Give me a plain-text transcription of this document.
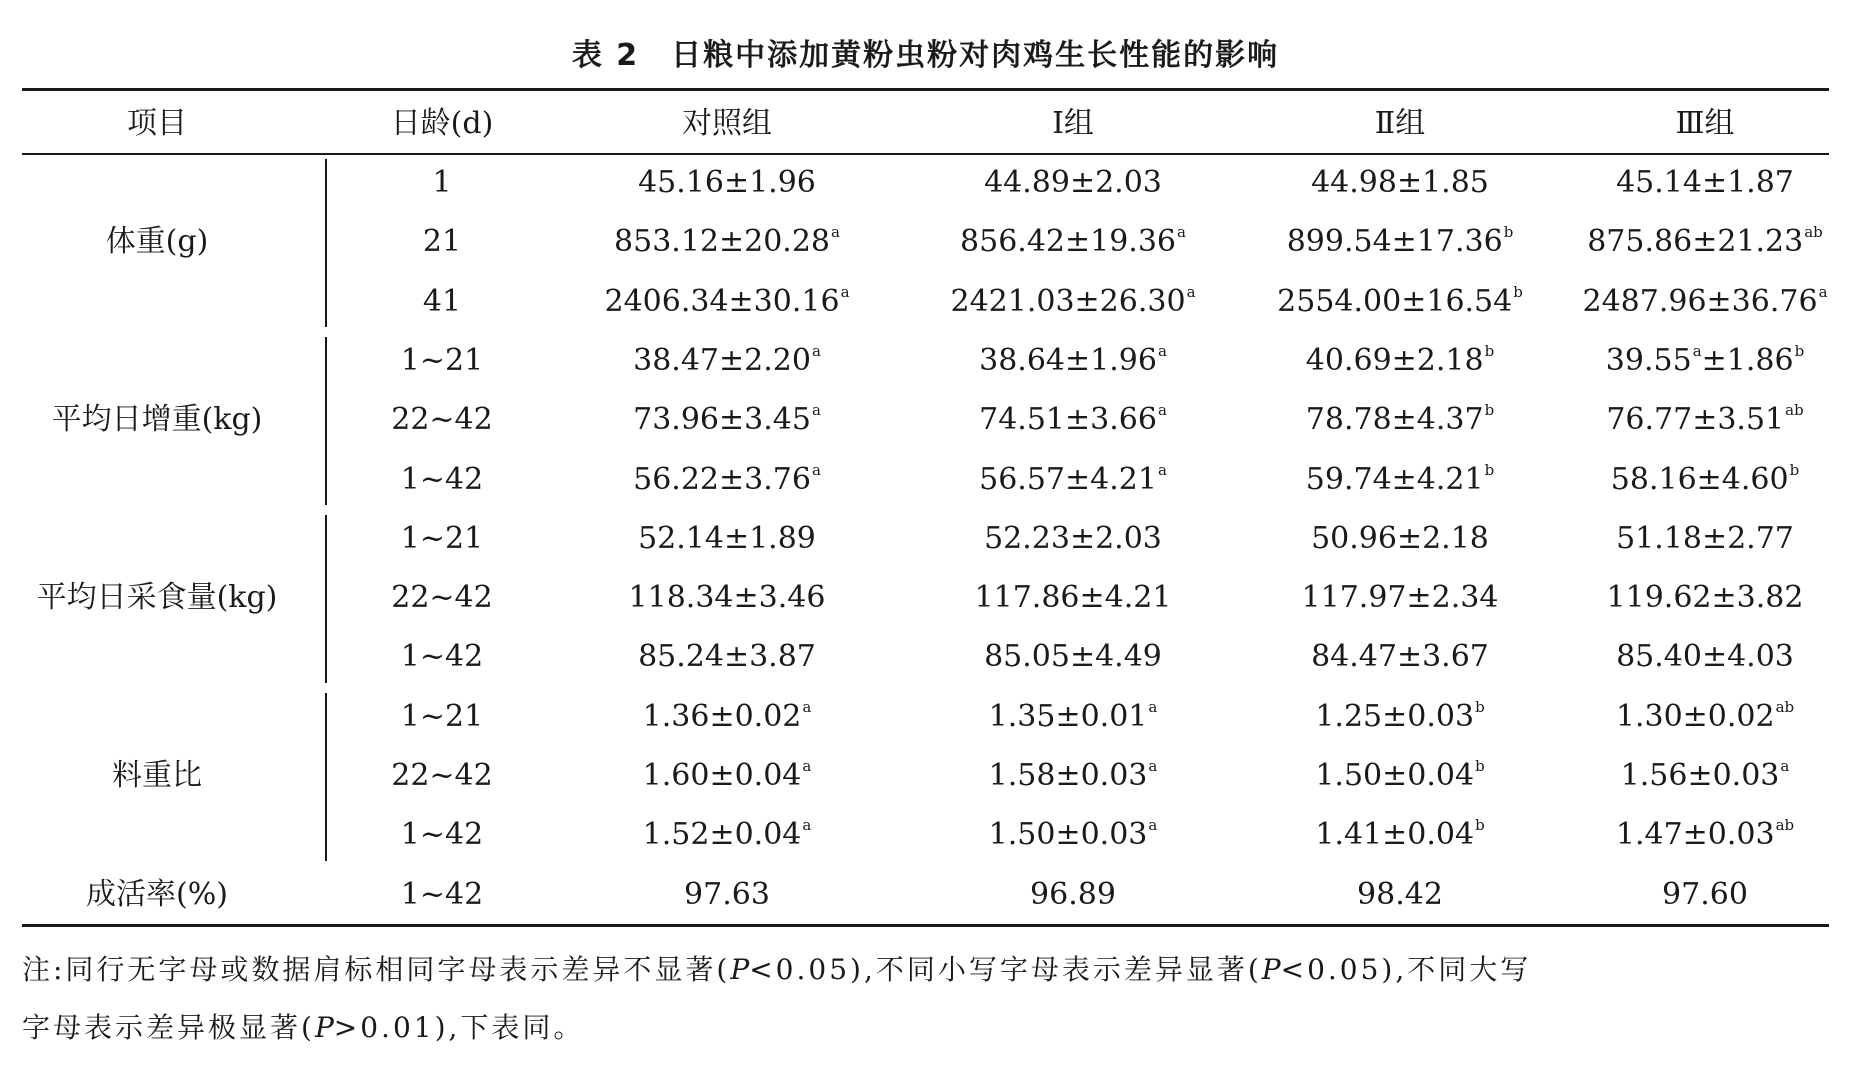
表 2　日粮中添加黄粉虫粉对肉鸡生长性能的影响
项目	日龄(d)	对照组	Ⅰ组	Ⅱ组	Ⅲ组
体重(g)
1	45.16±1.96	44.89±2.03	44.98±1.85	45.14±1.87
21	853.12±20.28$^a$	856.42±19.36$^a$	899.54±17.36$^b$	875.86±21.23$^{ab}$
41	2406.34±30.16$^a$	2421.03±26.30$^a$	2554.00±16.54$^b$	2487.96±36.76$^a$
平均日增重(kg)
1~21	38.47±2.20$^a$	38.64±1.96$^a$	40.69±2.18$^b$	39.55$^a$±1.86$^b$
22~42	73.96±3.45$^a$	74.51±3.66$^a$	78.78±4.37$^b$	76.77±3.51$^{ab}$
1~42	56.22±3.76$^a$	56.57±4.21$^a$	59.74±4.21$^b$	58.16±4.60$^b$
平均日采食量(kg)
1~21	52.14±1.89	52.23±2.03	50.96±2.18	51.18±2.77
22~42	118.34±3.46	117.86±4.21	117.97±2.34	119.62±3.82
1~42	85.24±3.87	85.05±4.49	84.47±3.67	85.40±4.03
料重比
1~21	1.36±0.02$^a$	1.35±0.01$^a$	1.25±0.03$^b$	1.30±0.02$^{ab}$
22~42	1.60±0.04$^a$	1.58±0.03$^a$	1.50±0.04$^b$	1.56±0.03$^a$
1~42	1.52±0.04$^a$	1.50±0.03$^a$	1.41±0.04$^b$	1.47±0.03$^{ab}$
成活率(%)	1~42	97.63	96.89	98.42	97.60
注:同行无字母或数据肩标相同字母表示差异不显著(P<0.05),不同小写字母表示差异显著(P<0.05),不同大写
字母表示差异极显著(P>0.01),下表同。
